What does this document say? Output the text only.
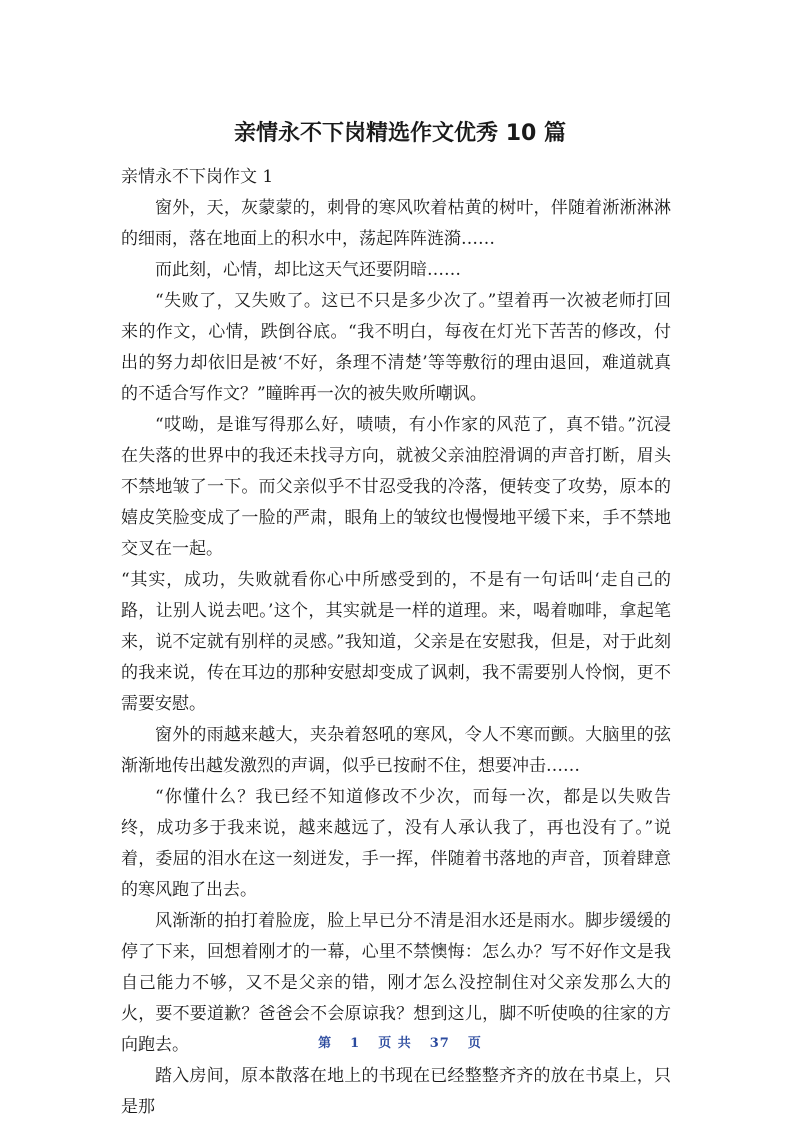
亲情永不下岗精选作文优秀 10 篇

亲情永不下岗作文 1

窗外，天，灰蒙蒙的，刺骨的寒风吹着枯黄的树叶，伴随着淅淅淋淋的细雨，落在地面上的积水中，荡起阵阵涟漪……

而此刻，心情，却比这天气还要阴暗……

“失败了，又失败了。这已不只是多少次了。”望着再一次被老师打回来的作文，心情，跌倒谷底。“我不明白，每夜在灯光下苦苦的修改，付出的努力却依旧是被‘不好，条理不清楚’等等敷衍的理由退回，难道就真的不适合写作文？”瞳眸再一次的被失败所嘲讽。

“哎呦，是谁写得那么好，啧啧，有小作家的风范了，真不错。”沉浸在失落的世界中的我还未找寻方向，就被父亲油腔滑调的声音打断，眉头不禁地皱了一下。而父亲似乎不甘忍受我的冷落，便转变了攻势，原本的嬉皮笑脸变成了一脸的严肃，眼角上的皱纹也慢慢地平缓下来，手不禁地交叉在一起。

“其实，成功，失败就看你心中所感受到的，不是有一句话叫‘走自己的路，让别人说去吧。’这个，其实就是一样的道理。来，喝着咖啡，拿起笔来，说不定就有别样的灵感。”我知道，父亲是在安慰我，但是，对于此刻的我来说，传在耳边的那种安慰却变成了讽刺，我不需要别人怜悯，更不需要安慰。

窗外的雨越来越大，夹杂着怒吼的寒风，令人不寒而颤。大脑里的弦渐渐地传出越发激烈的声调，似乎已按耐不住，想要冲击……

“你懂什么？我已经不知道修改不少次，而每一次，都是以失败告终，成功多于我来说，越来越远了，没有人承认我了，再也没有了。”说着，委屈的泪水在这一刻迸发，手一挥，伴随着书落地的声音，顶着肆意的寒风跑了出去。

风渐渐的拍打着脸庞，脸上早已分不清是泪水还是雨水。脚步缓缓的停了下来，回想着刚才的一幕，心里不禁懊悔：怎么办？写不好作文是我自己能力不够，又不是父亲的错，刚才怎么没控制住对父亲发那么大的火，要不要道歉？爸爸会不会原谅我？想到这儿，脚不听使唤的往家的方向跑去。

踏入房间，原本散落在地上的书现在已经整整齐齐的放在书桌上，只是那

第 1 页 共 37 页
